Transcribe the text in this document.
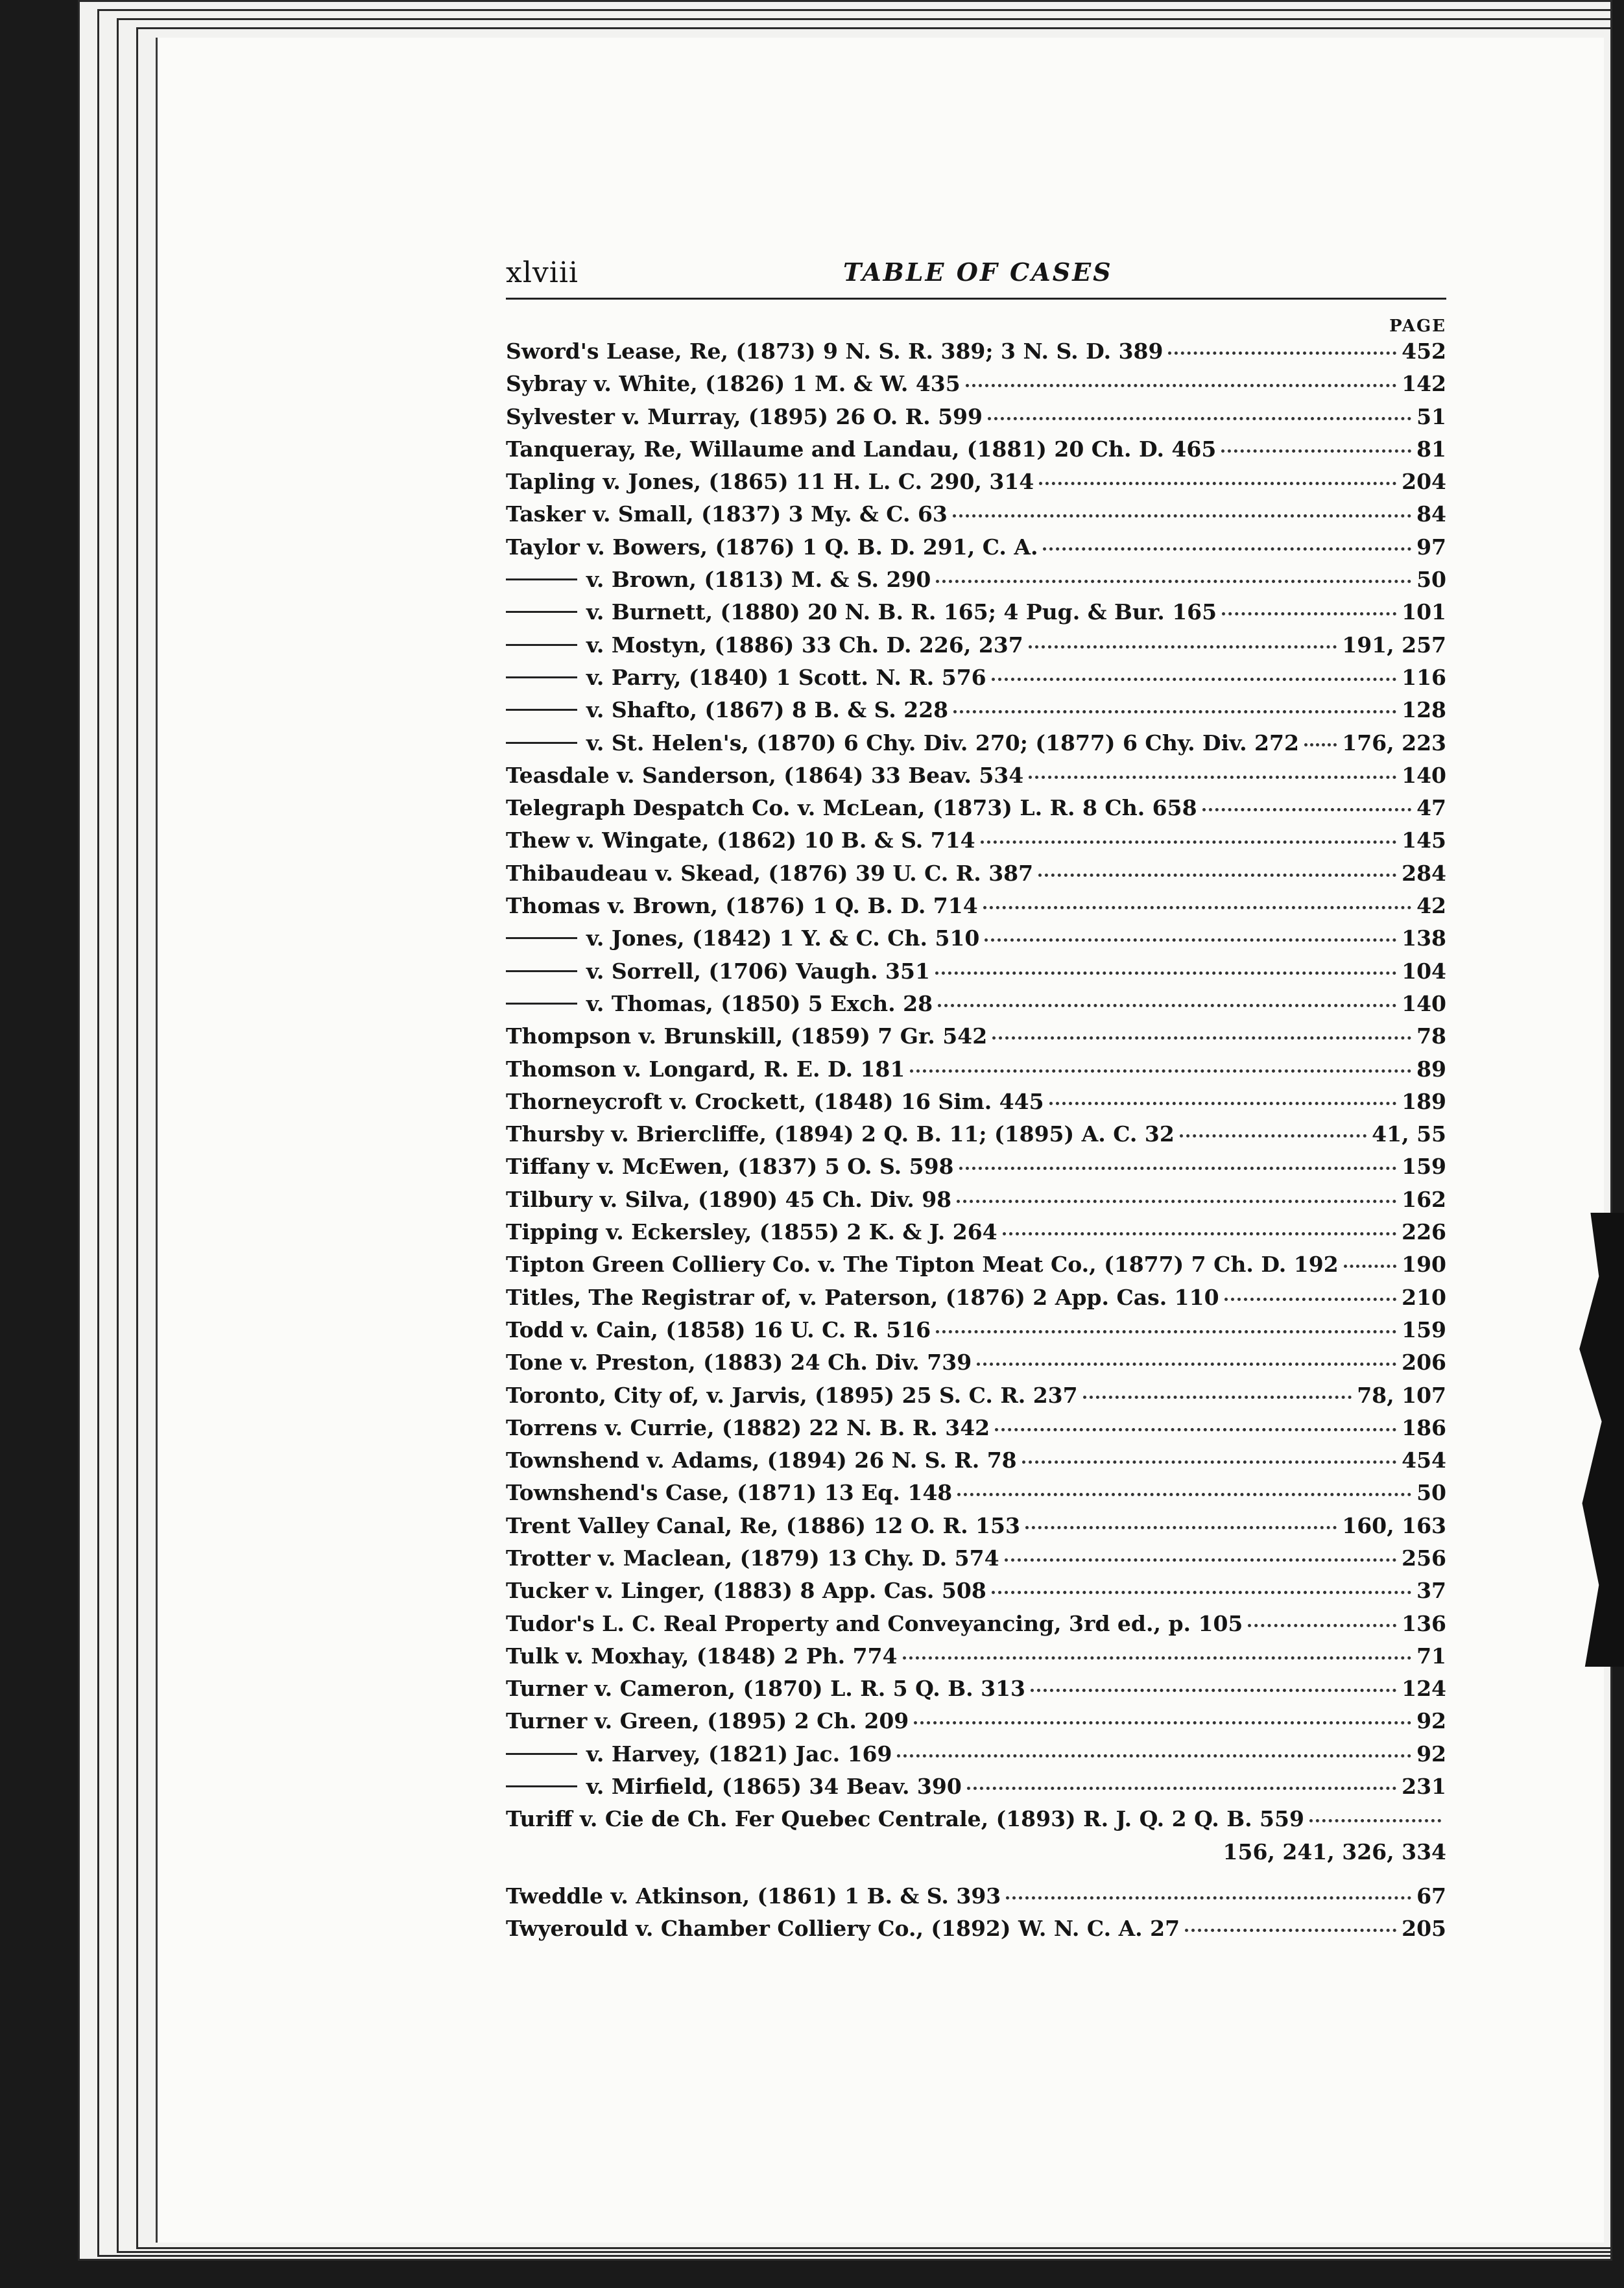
xlviii	TABLE OF CASES
PAGE
Sword's Lease, Re, (1873) 9 N. S. R. 389; 3 N. S. D. 389	452
Sybray v. White, (1826) 1 M. & W. 435	142
Sylvester v. Murray, (1895) 26 O. R. 599	51
Tanqueray, Re, Willaume and Landau, (1881) 20 Ch. D. 465	81
Tapling v. Jones, (1865) 11 H. L. C. 290, 314	204
Tasker v. Small, (1837) 3 My. & C. 63	84
Taylor v. Bowers, (1876) 1 Q. B. D. 291, C. A.	97
v. Brown, (1813) M. & S. 290	50
v. Burnett, (1880) 20 N. B. R. 165; 4 Pug. & Bur. 165	101
v. Mostyn, (1886) 33 Ch. D. 226, 237	191, 257
v. Parry, (1840) 1 Scott. N. R. 576	116
v. Shafto, (1867) 8 B. & S. 228	128
v. St. Helen's, (1870) 6 Chy. Div. 270; (1877) 6 Chy. Div. 272 176, 223
Teasdale v. Sanderson, (1864) 33 Beav. 534	140
Telegraph Despatch Co. v. McLean, (1873) L. R. 8 Ch. 658	47
Thew v. Wingate, (1862) 10 B. & S. 714	145
Thibaudeau v. Skead, (1876) 39 U. C. R. 387	284
Thomas v. Brown, (1876) 1 Q. B. D. 714	42
v. Jones, (1842) 1 Y. & C. Ch. 510	138
v. Sorrell, (1706) Vaugh. 351	104
v. Thomas, (1850) 5 Exch. 28	140
Thompson v. Brunskill, (1859) 7 Gr. 542	78
Thomson v. Longard, R. E. D. 181	89
Thorneycroft v. Crockett, (1848) 16 Sim. 445	189
Thursby v. Briercliffe, (1894) 2 Q. B. 11; (1895) A. C. 32	41, 55
Tiffany v. McEwen, (1837) 5 O. S. 598	159
Tilbury v. Silva, (1890) 45 Ch. Div. 98	162
Tipping v. Eckersley, (1855) 2 K. & J. 264	226
Tipton Green Colliery Co. v. The Tipton Meat Co., (1877) 7 Ch. D. 192	190
Titles, The Registrar of, v. Paterson, (1876) 2 App. Cas. 110	210
Todd v. Cain, (1858) 16 U. C. R. 516	159
Tone v. Preston, (1883) 24 Ch. Div. 739	206
Toronto, City of, v. Jarvis, (1895) 25 S. C. R. 237	78, 107
Torrens v. Currie, (1882) 22 N. B. R. 342	186
Townshend v. Adams, (1894) 26 N. S. R. 78	454
Townshend's Case, (1871) 13 Eq. 148	50
Trent Valley Canal, Re, (1886) 12 O. R. 153	160, 163
Trotter v. Maclean, (1879) 13 Chy. D. 574	256
Tucker v. Linger, (1883) 8 App. Cas. 508	37
Tudor's L. C. Real Property and Conveyancing, 3rd ed., p. 105	136
Tulk v. Moxhay, (1848) 2 Ph. 774	71
Turner v. Cameron, (1870) L. R. 5 Q. B. 313	124
Turner v. Green, (1895) 2 Ch. 209	92
v. Harvey, (1821) Jac. 169	92
v. Mirfield, (1865) 34 Beav. 390	231
Turiff v. Cie de Ch. Fer Quebec Centrale, (1893) R. J. Q. 2 Q. B. 559
156, 241, 326, 334
Tweddle v. Atkinson, (1861) 1 B. & S. 393	67
Twyerould v. Chamber Colliery Co., (1892) W. N. C. A. 27	205
